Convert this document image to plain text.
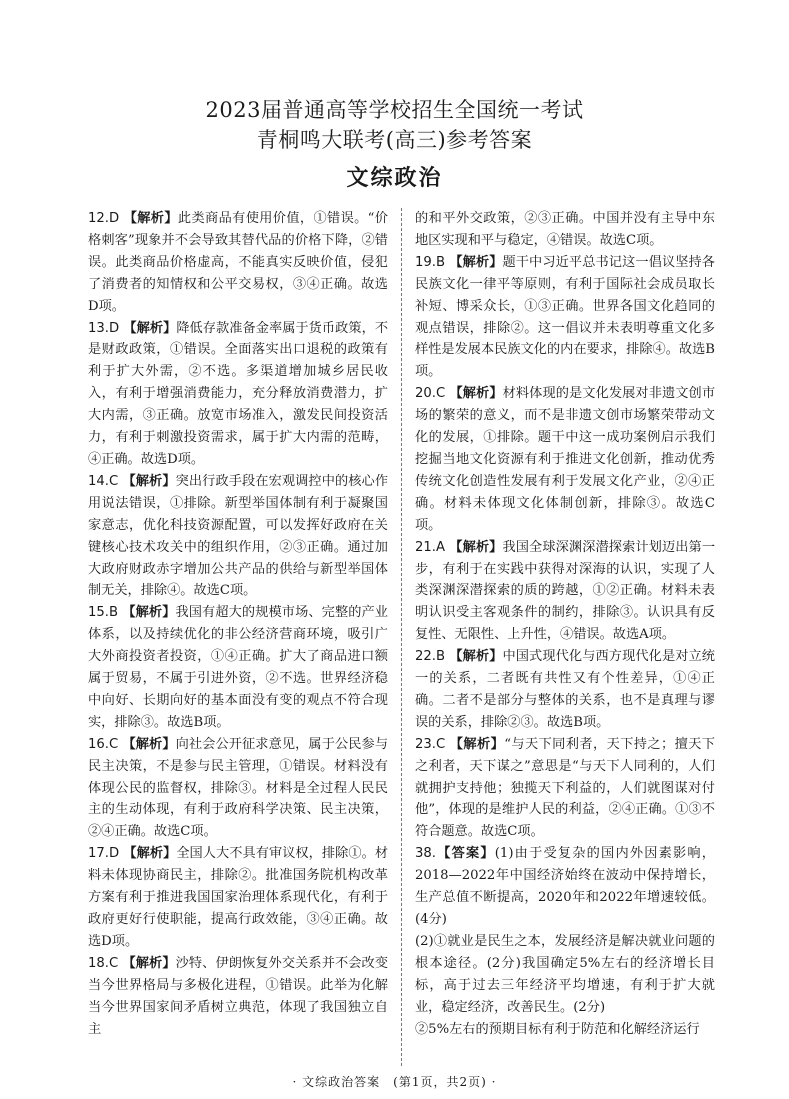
2023届普通高等学校招生全国统一考试
青桐鸣大联考(高三)参考答案
文综政治

12.D 【解析】此类商品有使用价值，①错误。“价格刺客”现象并不会导致其替代品的价格下降，②错误。此类商品价格虚高，不能真实反映价值，侵犯了消费者的知情权和公平交易权，③④正确。故选D项。

13.D 【解析】降低存款准备金率属于货币政策，不是财政政策，①错误。全面落实出口退税的政策有利于扩大外需，②不选。多渠道增加城乡居民收入，有利于增强消费能力，充分释放消费潜力，扩大内需，③正确。放宽市场准入，激发民间投资活力，有利于刺激投资需求，属于扩大内需的范畴，④正确。故选D项。

14.C 【解析】突出行政手段在宏观调控中的核心作用说法错误，①排除。新型举国体制有利于凝聚国家意志，优化科技资源配置，可以发挥好政府在关键核心技术攻关中的组织作用，②③正确。通过加大政府财政赤字增加公共产品的供给与新型举国体制无关，排除④。故选C项。

15.B 【解析】我国有超大的规模市场、完整的产业体系，以及持续优化的非公经济营商环境，吸引广大外商投资者投资，①④正确。扩大了商品进口额属于贸易，不属于引进外资，②不选。世界经济稳中向好、长期向好的基本面没有变的观点不符合现实，排除③。故选B项。

16.C 【解析】向社会公开征求意见，属于公民参与民主决策，不是参与民主管理，①错误。材料没有体现公民的监督权，排除③。材料是全过程人民民主的生动体现，有利于政府科学决策、民主决策，②④正确。故选C项。

17.D 【解析】全国人大不具有审议权，排除①。材料未体现协商民主，排除②。批准国务院机构改革方案有利于推进我国国家治理体系现代化，有利于政府更好行使职能，提高行政效能，③④正确。故选D项。

18.C 【解析】沙特、伊朗恢复外交关系并不会改变当今世界格局与多极化进程，①错误。此举为化解当今世界国家间矛盾树立典范，体现了我国独立自主

的和平外交政策，②③正确。中国并没有主导中东地区实现和平与稳定，④错误。故选C项。

19.B 【解析】题干中习近平总书记这一倡议坚持各民族文化一律平等原则，有利于国际社会成员取长补短、博采众长，①③正确。世界各国文化趋同的观点错误，排除②。这一倡议并未表明尊重文化多样性是发展本民族文化的内在要求，排除④。故选B项。

20.C 【解析】材料体现的是文化发展对非遗文创市场的繁荣的意义，而不是非遗文创市场繁荣带动文化的发展，①排除。题干中这一成功案例启示我们挖掘当地文化资源有利于推进文化创新，推动优秀传统文化创造性发展有利于发展文化产业，②④正确。材料未体现文化体制创新，排除③。故选C项。

21.A 【解析】我国全球深渊深潜探索计划迈出第一步，有利于在实践中获得对深海的认识，实现了人类深渊深潜探索的质的跨越，①②正确。材料未表明认识受主客观条件的制约，排除③。认识具有反复性、无限性、上升性，④错误。故选A项。

22.B 【解析】中国式现代化与西方现代化是对立统一的关系，二者既有共性又有个性差异，①④正确。二者不是部分与整体的关系，也不是真理与谬误的关系，排除②③。故选B项。

23.C 【解析】“与天下同利者，天下持之；擅天下之利者，天下谋之”意思是“与天下人同利的，人们就拥护支持他；独揽天下利益的，人们就图谋对付他”，体现的是维护人民的利益，②④正确。①③不符合题意。故选C项。

38.【答案】(1)由于受复杂的国内外因素影响，2018—2022年中国经济始终在波动中保持增长，生产总值不断提高，2020年和2022年增速较低。(4分)

(2)①就业是民生之本，发展经济是解决就业问题的根本途径。(2分)我国确定5%左右的经济增长目标，高于过去三年经济平均增速，有利于扩大就业，稳定经济，改善民生。(2分)

②5%左右的预期目标有利于防范和化解经济运行

· 文综政治答案　(第1页，共2页) ·
